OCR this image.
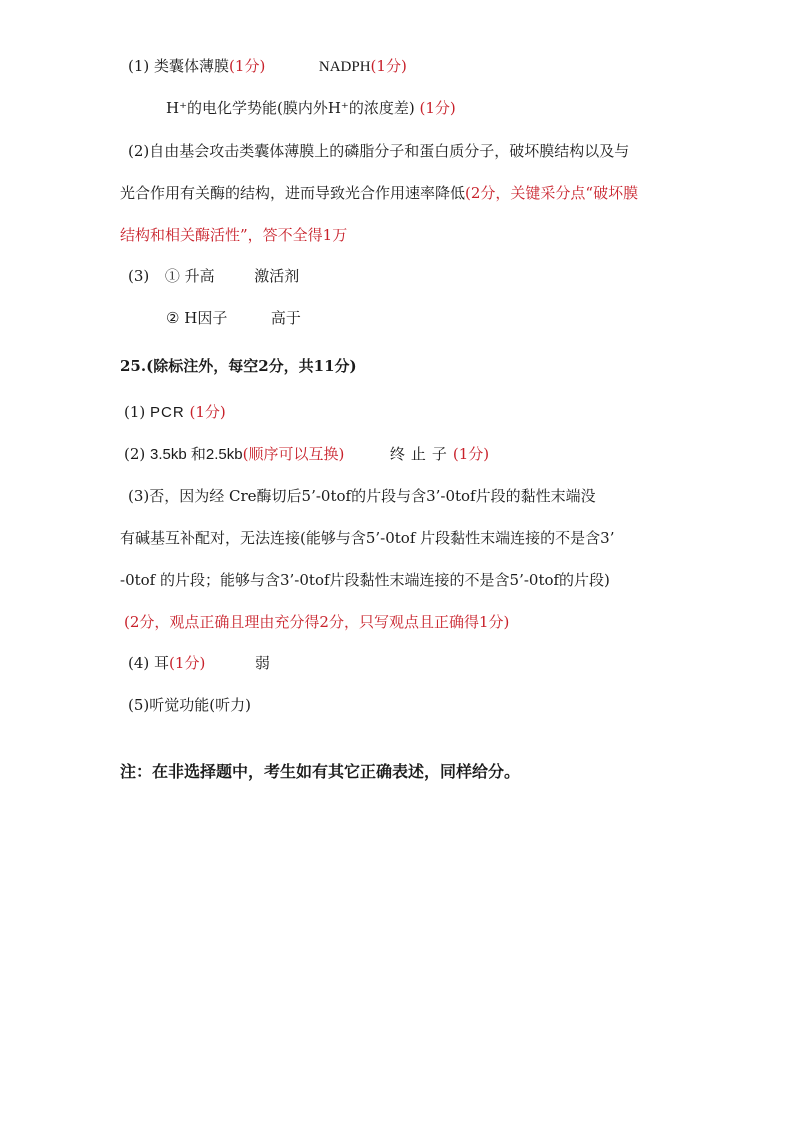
(1) 类囊体薄膜(1分)	NADPH(1分)
H⁺的电化学势能(膜内外H⁺的浓度差) (1分)
(2)自由基会攻击类囊体薄膜上的磷脂分子和蛋白质分子，破坏膜结构以及与
光合作用有关酶的结构，进而导致光合作用速率降低(2分，关键采分点“破坏膜
结构和相关酶活性”，答不全得1万
(3) ① 升高	激活剂
② H因子	高于
25.(除标注外，每空2分，共11分)
(1) PCR (1分)
(2) 3.5kb 和2.5kb(顺序可以互换)	终止子(1分)
(3)否，因为经 Cre酶切后5’-0tof的片段与含3’-0tof片段的黏性末端没
有碱基互补配对，无法连接(能够与含5’-0tof 片段黏性末端连接的不是含3’
-0tof 的片段；能够与含3’-0tof片段黏性末端连接的不是含5’-0tof的片段)
(2分，观点正确且理由充分得2分，只写观点且正确得1分)
(4) 耳(1分)	弱
(5)听觉功能(听力)
注：在非选择题中，考生如有其它正确表述，同样给分。
